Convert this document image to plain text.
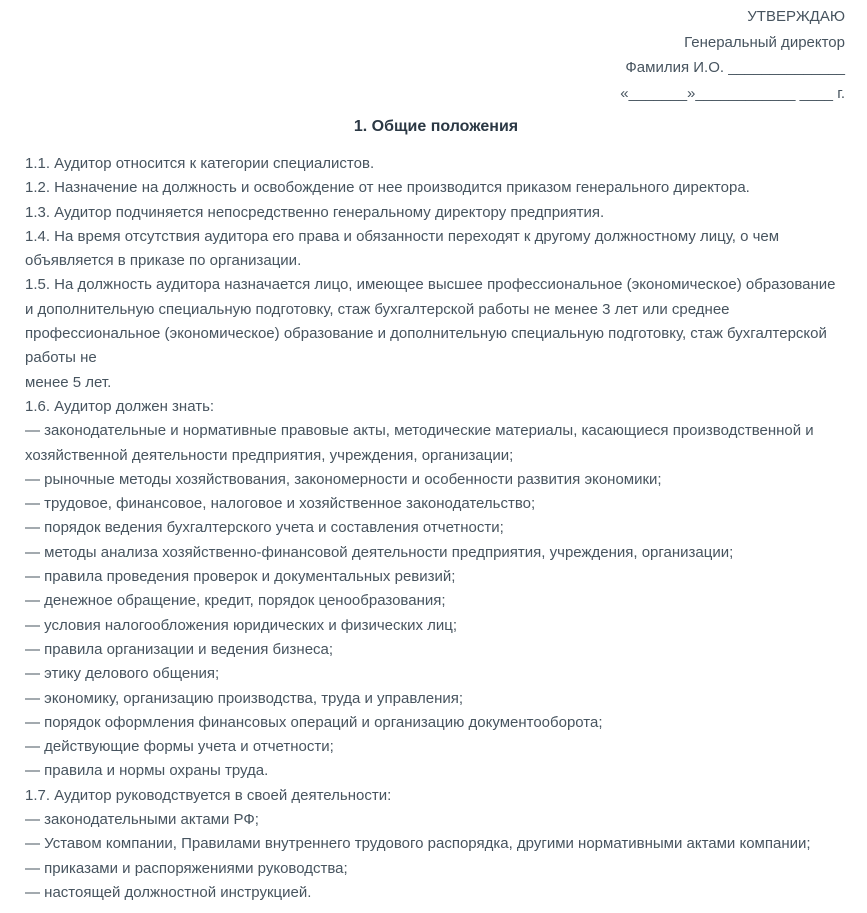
УТВЕРЖДАЮ
Генеральный директор
Фамилия И.О. ______________
«_______»____________ ____ г.
1. Общие положения
1.1. Аудитор относится к категории специалистов.
1.2. Назначение на должность и освобождение от нее производится приказом генерального директора.
1.3. Аудитор подчиняется непосредственно генеральному директору предприятия.
1.4. На время отсутствия аудитора его права и обязанности переходят к другому должностному лицу, о чем
объявляется в приказе по организации.
1.5. На должность аудитора назначается лицо, имеющее высшее профессиональное (экономическое) образование
и дополнительную специальную подготовку, стаж бухгалтерской работы не менее 3 лет или среднее
профессиональное (экономическое) образование и дополнительную специальную подготовку, стаж бухгалтерской
работы не
менее 5 лет.
1.6. Аудитор должен знать:
— законодательные и нормативные правовые акты, методические материалы, касающиеся производственной и
хозяйственной деятельности предприятия, учреждения, организации;
— рыночные методы хозяйствования, закономерности и особенности развития экономики;
— трудовое, финансовое, налоговое и хозяйственное законодательство;
— порядок ведения бухгалтерского учета и составления отчетности;
— методы анализа хозяйственно-финансовой деятельности предприятия, учреждения, организации;
— правила проведения проверок и документальных ревизий;
— денежное обращение, кредит, порядок ценообразования;
— условия налогообложения юридических и физических лиц;
— правила организации и ведения бизнеса;
— этику делового общения;
— экономику, организацию производства, труда и управления;
— порядок оформления финансовых операций и организацию документооборота;
— действующие формы учета и отчетности;
— правила и нормы охраны труда.
1.7. Аудитор руководствуется в своей деятельности:
— законодательными актами РФ;
— Уставом компании, Правилами внутреннего трудового распорядка, другими нормативными актами компании;
— приказами и распоряжениями руководства;
— настоящей должностной инструкцией.
